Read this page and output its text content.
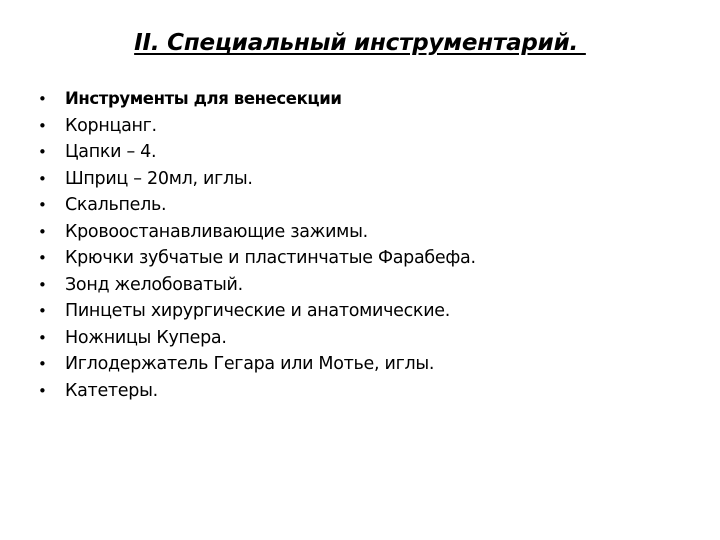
II. Специальный инструментарий.
• Инструменты для венесекции
• Корнцанг.
• Цапки – 4.
• Шприц – 20мл, иглы.
• Скальпель.
• Кровоостанавливающие зажимы.
• Крючки зубчатые и пластинчатые Фарабефа.
• Зонд желобоватый.
• Пинцеты хирургические и анатомические.
• Ножницы Купера.
• Иглодержатель Гегара или Мотье, иглы.
• Катетеры.
